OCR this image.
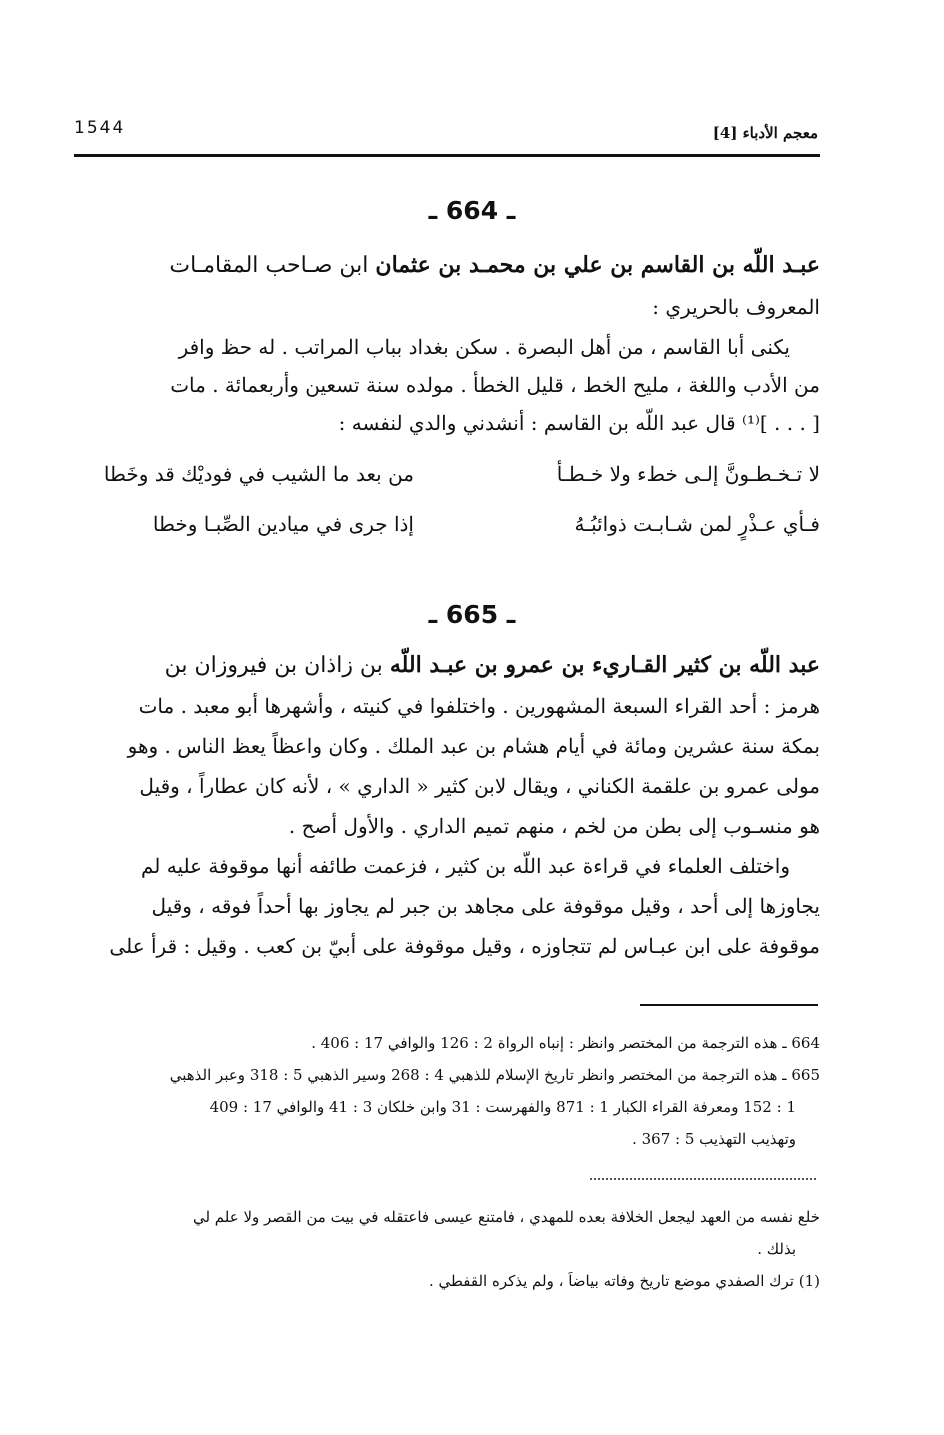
1544	معجم الأدباء [4]
ـ 664 ـ
عبـد اللّه بن القاسم بن علي بن محمـد بن عثمان ابن صـاحب المقامـات
المعروف بالحريري :
يكنى أبا القاسم ، من أهل البصرة . سكن بغداد بباب المراتب . له حظ وافر
من الأدب واللغة ، مليح الخط ، قليل الخطأ . مولده سنة تسعين وأربعمائة . مات
[ . . . ]⁽¹⁾ قال عبد اللّه بن القاسم : أنشدني والدي لنفسه :
لا تـخـطـونَّ إلـى خطء ولا خـطـأ
من بعد ما الشيب في فوديْك قد وخَطا
فـأي عـذْرٍ لمن شـابـت ذوائبُـهُ
إذا جرى في ميادين الصِّبـا وخطا
ـ 665 ـ
عبد اللّه بن كثير القـاريء بن عمرو بن عبـد اللّه بن زاذان بن فيروزان بن
هرمز : أحد القراء السبعة المشهورين . واختلفوا في كنيته ، وأشهرها أبو معبد . مات
بمكة سنة عشرين ومائة في أيام هشام بن عبد الملك . وكان واعظاً يعظ الناس . وهو
مولى عمرو بن علقمة الكناني ، ويقال لابن كثير « الداري » ، لأنه كان عطاراً ، وقيل
هو منسـوب إلى بطن من لخم ، منهم تميم الداري . والأول أصح .
واختلف العلماء في قراءة عبد اللّه بن كثير ، فزعمت طائفه أنها موقوفة عليه لم
يجاوزها إلى أحد ، وقيل موقوفة على مجاهد بن جبر لم يجاوز بها أحداً فوقه ، وقيل
موقوفة على ابن عبـاس لم تتجاوزه ، وقيل موقوفة على أبيّ بن كعب . وقيل : قرأ على
664 ـ هذه الترجمة من المختصر وانظر : إنباه الرواة 2 : 126 والوافي 17 : 406 .
665 ـ هذه الترجمة من المختصر وانظر تاريخ الإسلام للذهبي 4 : 268 وسير الذهبي 5 : 318 وعبر الذهبي
1 : 152 ومعرفة القراء الكبار 1 : 871 والفهرست : 31 وابن خلكان 3 : 41 والوافي 17 : 409
وتهذيب التهذيب 5 : 367 .
خلع نفسه من العهد ليجعل الخلافة بعده للمهدي ، فامتنع عيسى فاعتقله في بيت من القصر ولا علم لي
بذلك .
(1) ترك الصفدي موضع تاريخ وفاته بياضاً ، ولم يذكره القفطي .
